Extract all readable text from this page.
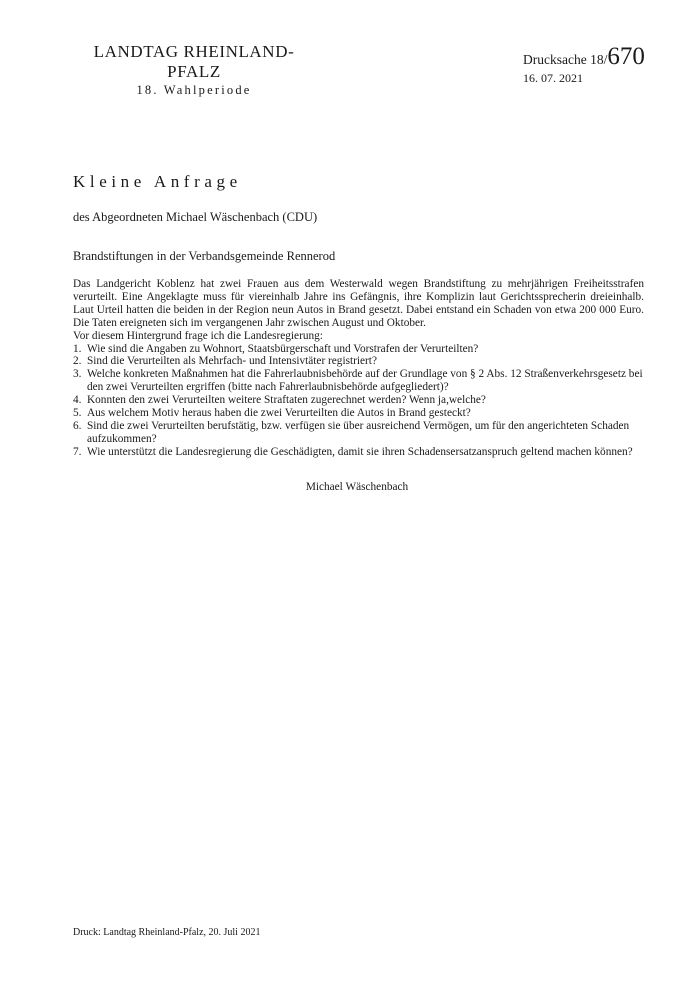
LANDTAG RHEINLAND-PFALZ
18. Wahlperiode
Drucksache 18/ 670
16. 07. 2021
Kleine Anfrage
des Abgeordneten Michael Wäschenbach (CDU)
Brandstiftungen in der Verbandsgemeinde Rennerod

Das Landgericht Koblenz hat zwei Frauen aus dem Westerwald wegen Brandstiftung zu mehrjährigen Freiheitsstrafen verurteilt. Eine Angeklagte muss für viereinhalb Jahre ins Gefängnis, ihre Komplizin laut Gerichtssprecherin dreieinhalb. Laut Urteil hatten die beiden in der Region neun Autos in Brand gesetzt. Dabei entstand ein Schaden von etwa 200 000 Euro. Die Taten ereigneten sich im vergangenen Jahr zwischen August und Oktober.

Vor diesem Hintergrund frage ich die Landesregierung:

1. Wie sind die Angaben zu Wohnort, Staatsbürgerschaft und Vorstrafen der Verurteilten?
2. Sind die Verurteilten als Mehrfach- und Intensivtäter registriert?
3. Welche konkreten Maßnahmen hat die Fahrerlaubnisbehörde auf der Grundlage von § 2 Abs. 12 Straßenverkehrsgesetz bei den zwei Verurteilten ergriffen (bitte nach Fahrerlaubnisbehörde aufgegliedert)?
4. Konnten den zwei Verurteilten weitere Straftaten zugerechnet werden? Wenn ja,welche?
5. Aus welchem Motiv heraus haben die zwei Verurteilten die Autos in Brand gesteckt?
6. Sind die zwei Verurteilten berufstätig, bzw. verfügen sie über ausreichend Vermögen, um für den angerichteten Schaden aufzukommen?
7. Wie unterstützt die Landesregierung die Geschädigten, damit sie ihren Schadensersatzanspruch geltend machen können?
Michael Wäschenbach
Druck: Landtag Rheinland-Pfalz, 20. Juli 2021
